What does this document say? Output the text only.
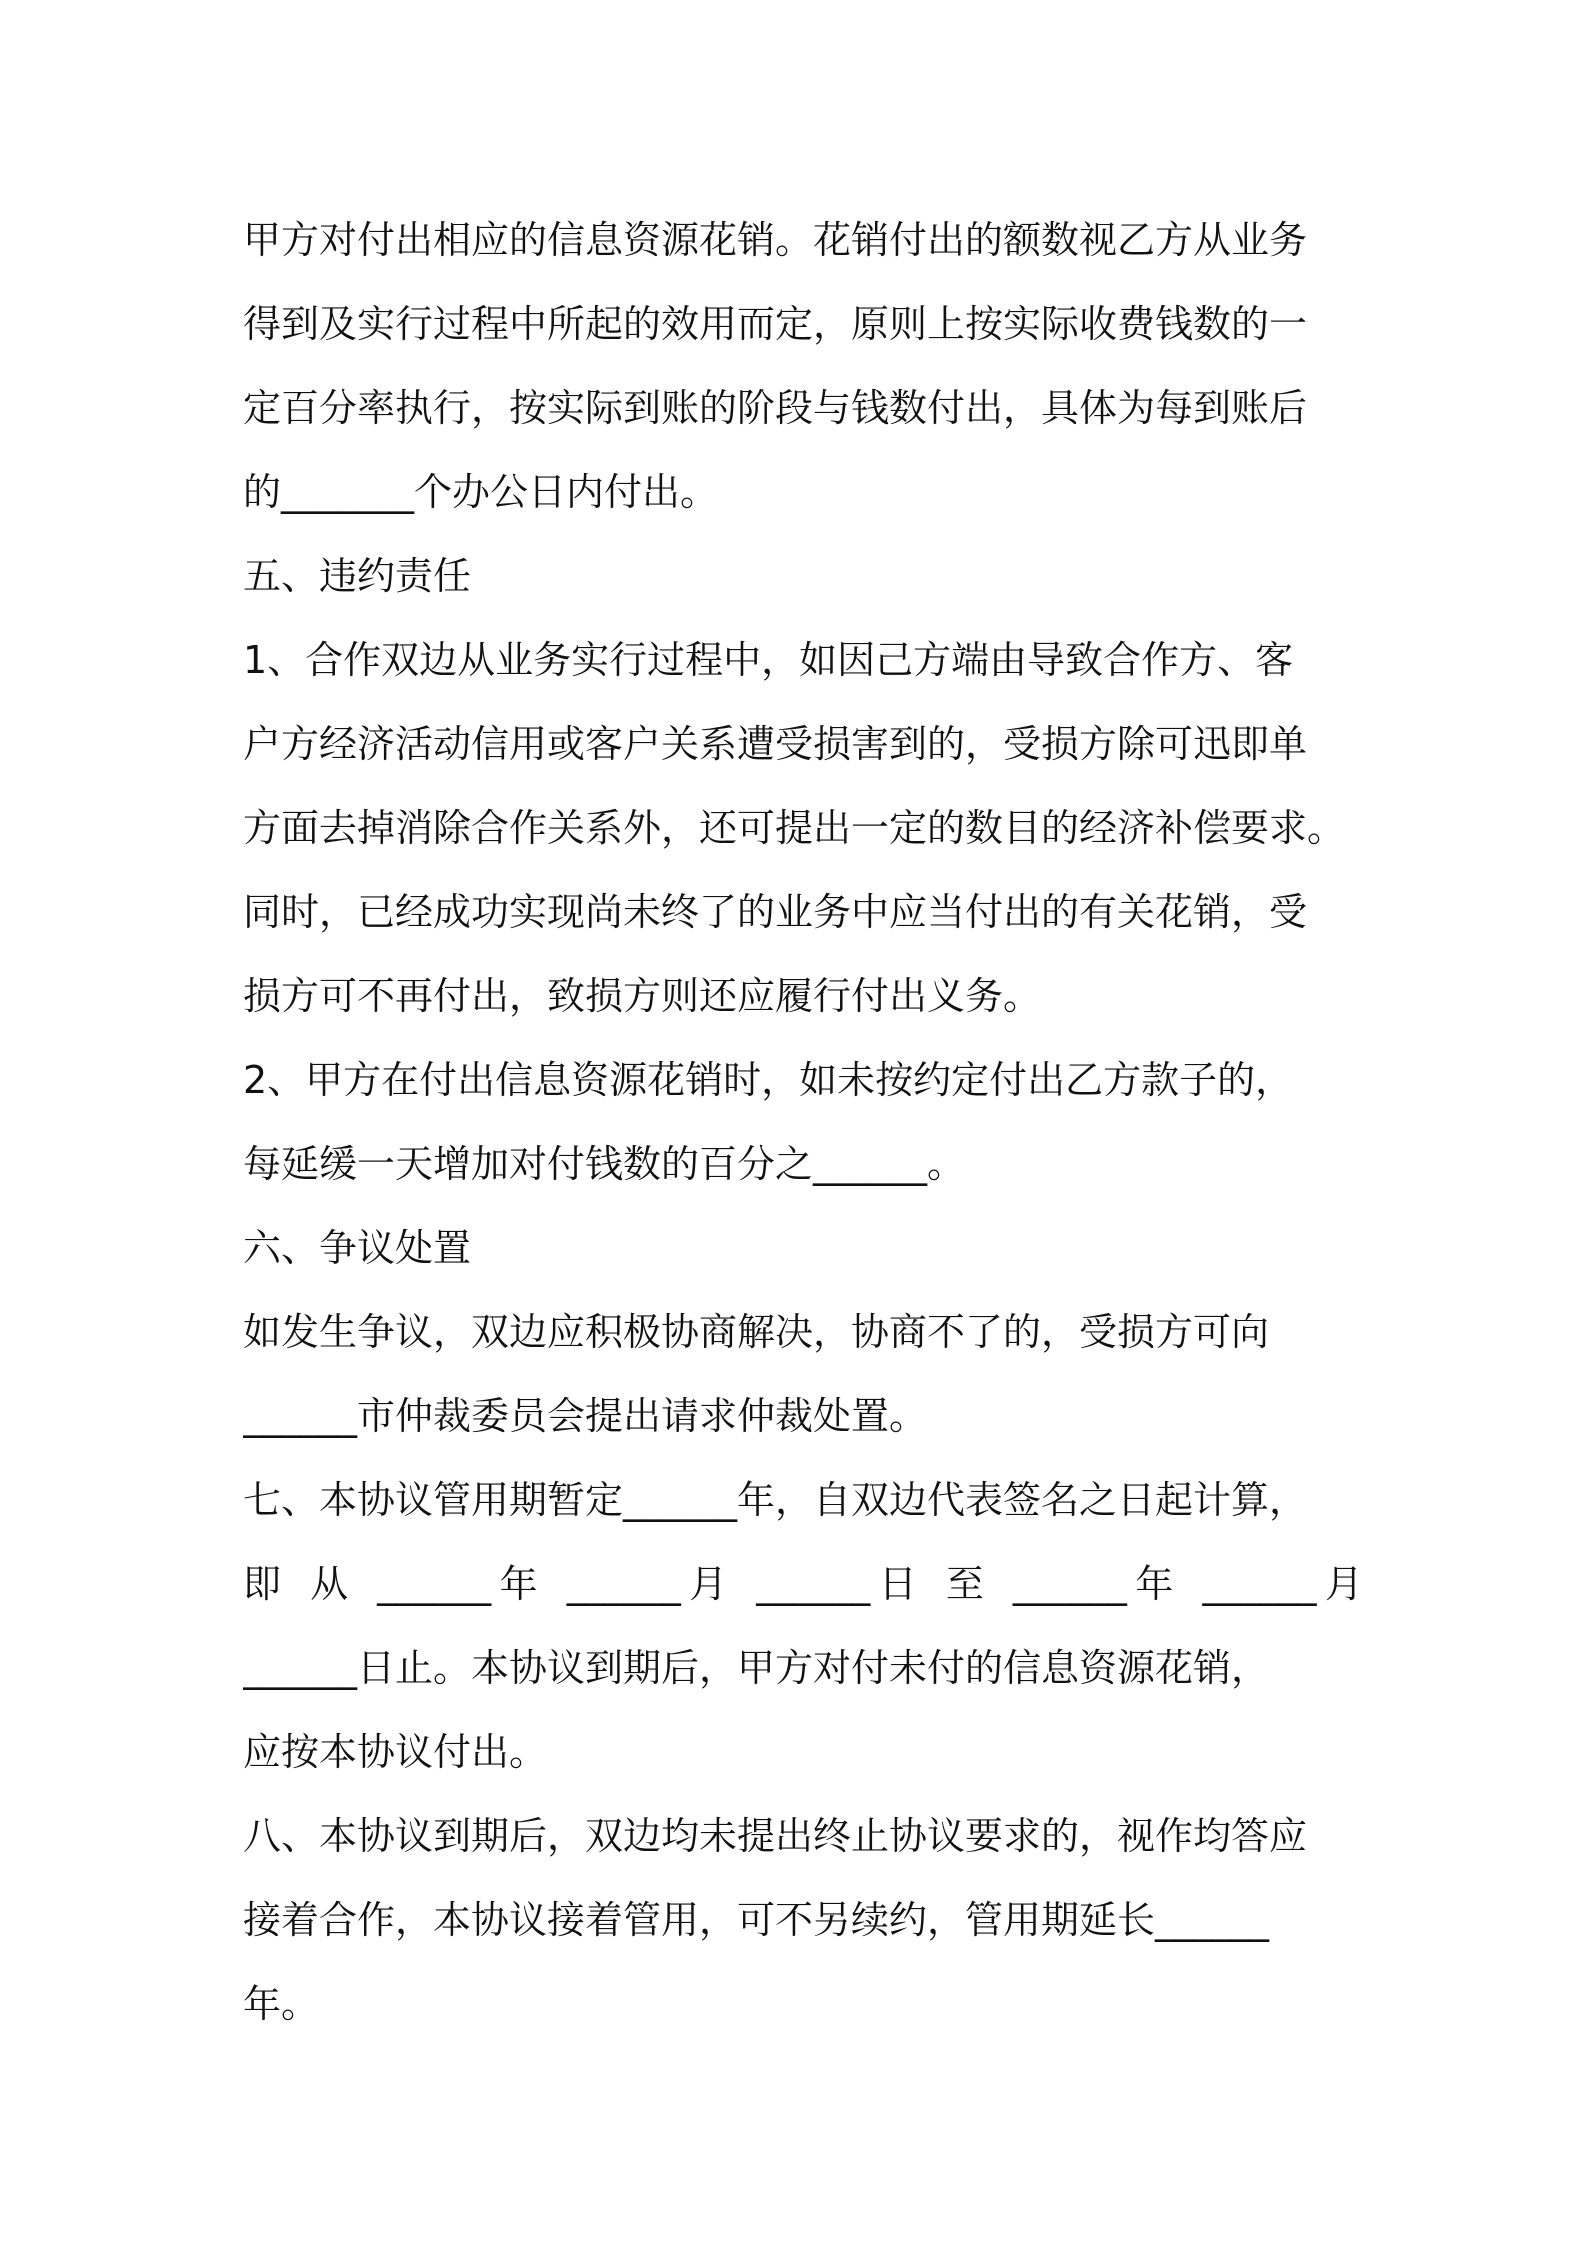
甲方对付出相应的信息资源花销。花销付出的额数视乙方从业务
得到及实行过程中所起的效用而定，原则上按实际收费钱数的一
定百分率执行，按实际到账的阶段与钱数付出，具体为每到账后
的_______个办公日内付出。
五、违约责任
1、合作双边从业务实行过程中，如因己方端由导致合作方、客
户方经济活动信用或客户关系遭受损害到的，受损方除可迅即单
方面去掉消除合作关系外，还可提出一定的数目的经济补偿要求。
同时，已经成功实现尚未终了的业务中应当付出的有关花销，受
损方可不再付出，致损方则还应履行付出义务。
2、甲方在付出信息资源花销时，如未按约定付出乙方款子的，
每延缓一天增加对付钱数的百分之______。
六、争议处置
如发生争议，双边应积极协商解决，协商不了的，受损方可向
______市仲裁委员会提出请求仲裁处置。
七、本协议管用期暂定______年，自双边代表签名之日起计算，
即 从 ______年 ______月 ______日 至 ______年 ______月
______日止。本协议到期后，甲方对付未付的信息资源花销，
应按本协议付出。
八、本协议到期后，双边均未提出终止协议要求的，视作均答应
接着合作，本协议接着管用，可不另续约，管用期延长______
年。
